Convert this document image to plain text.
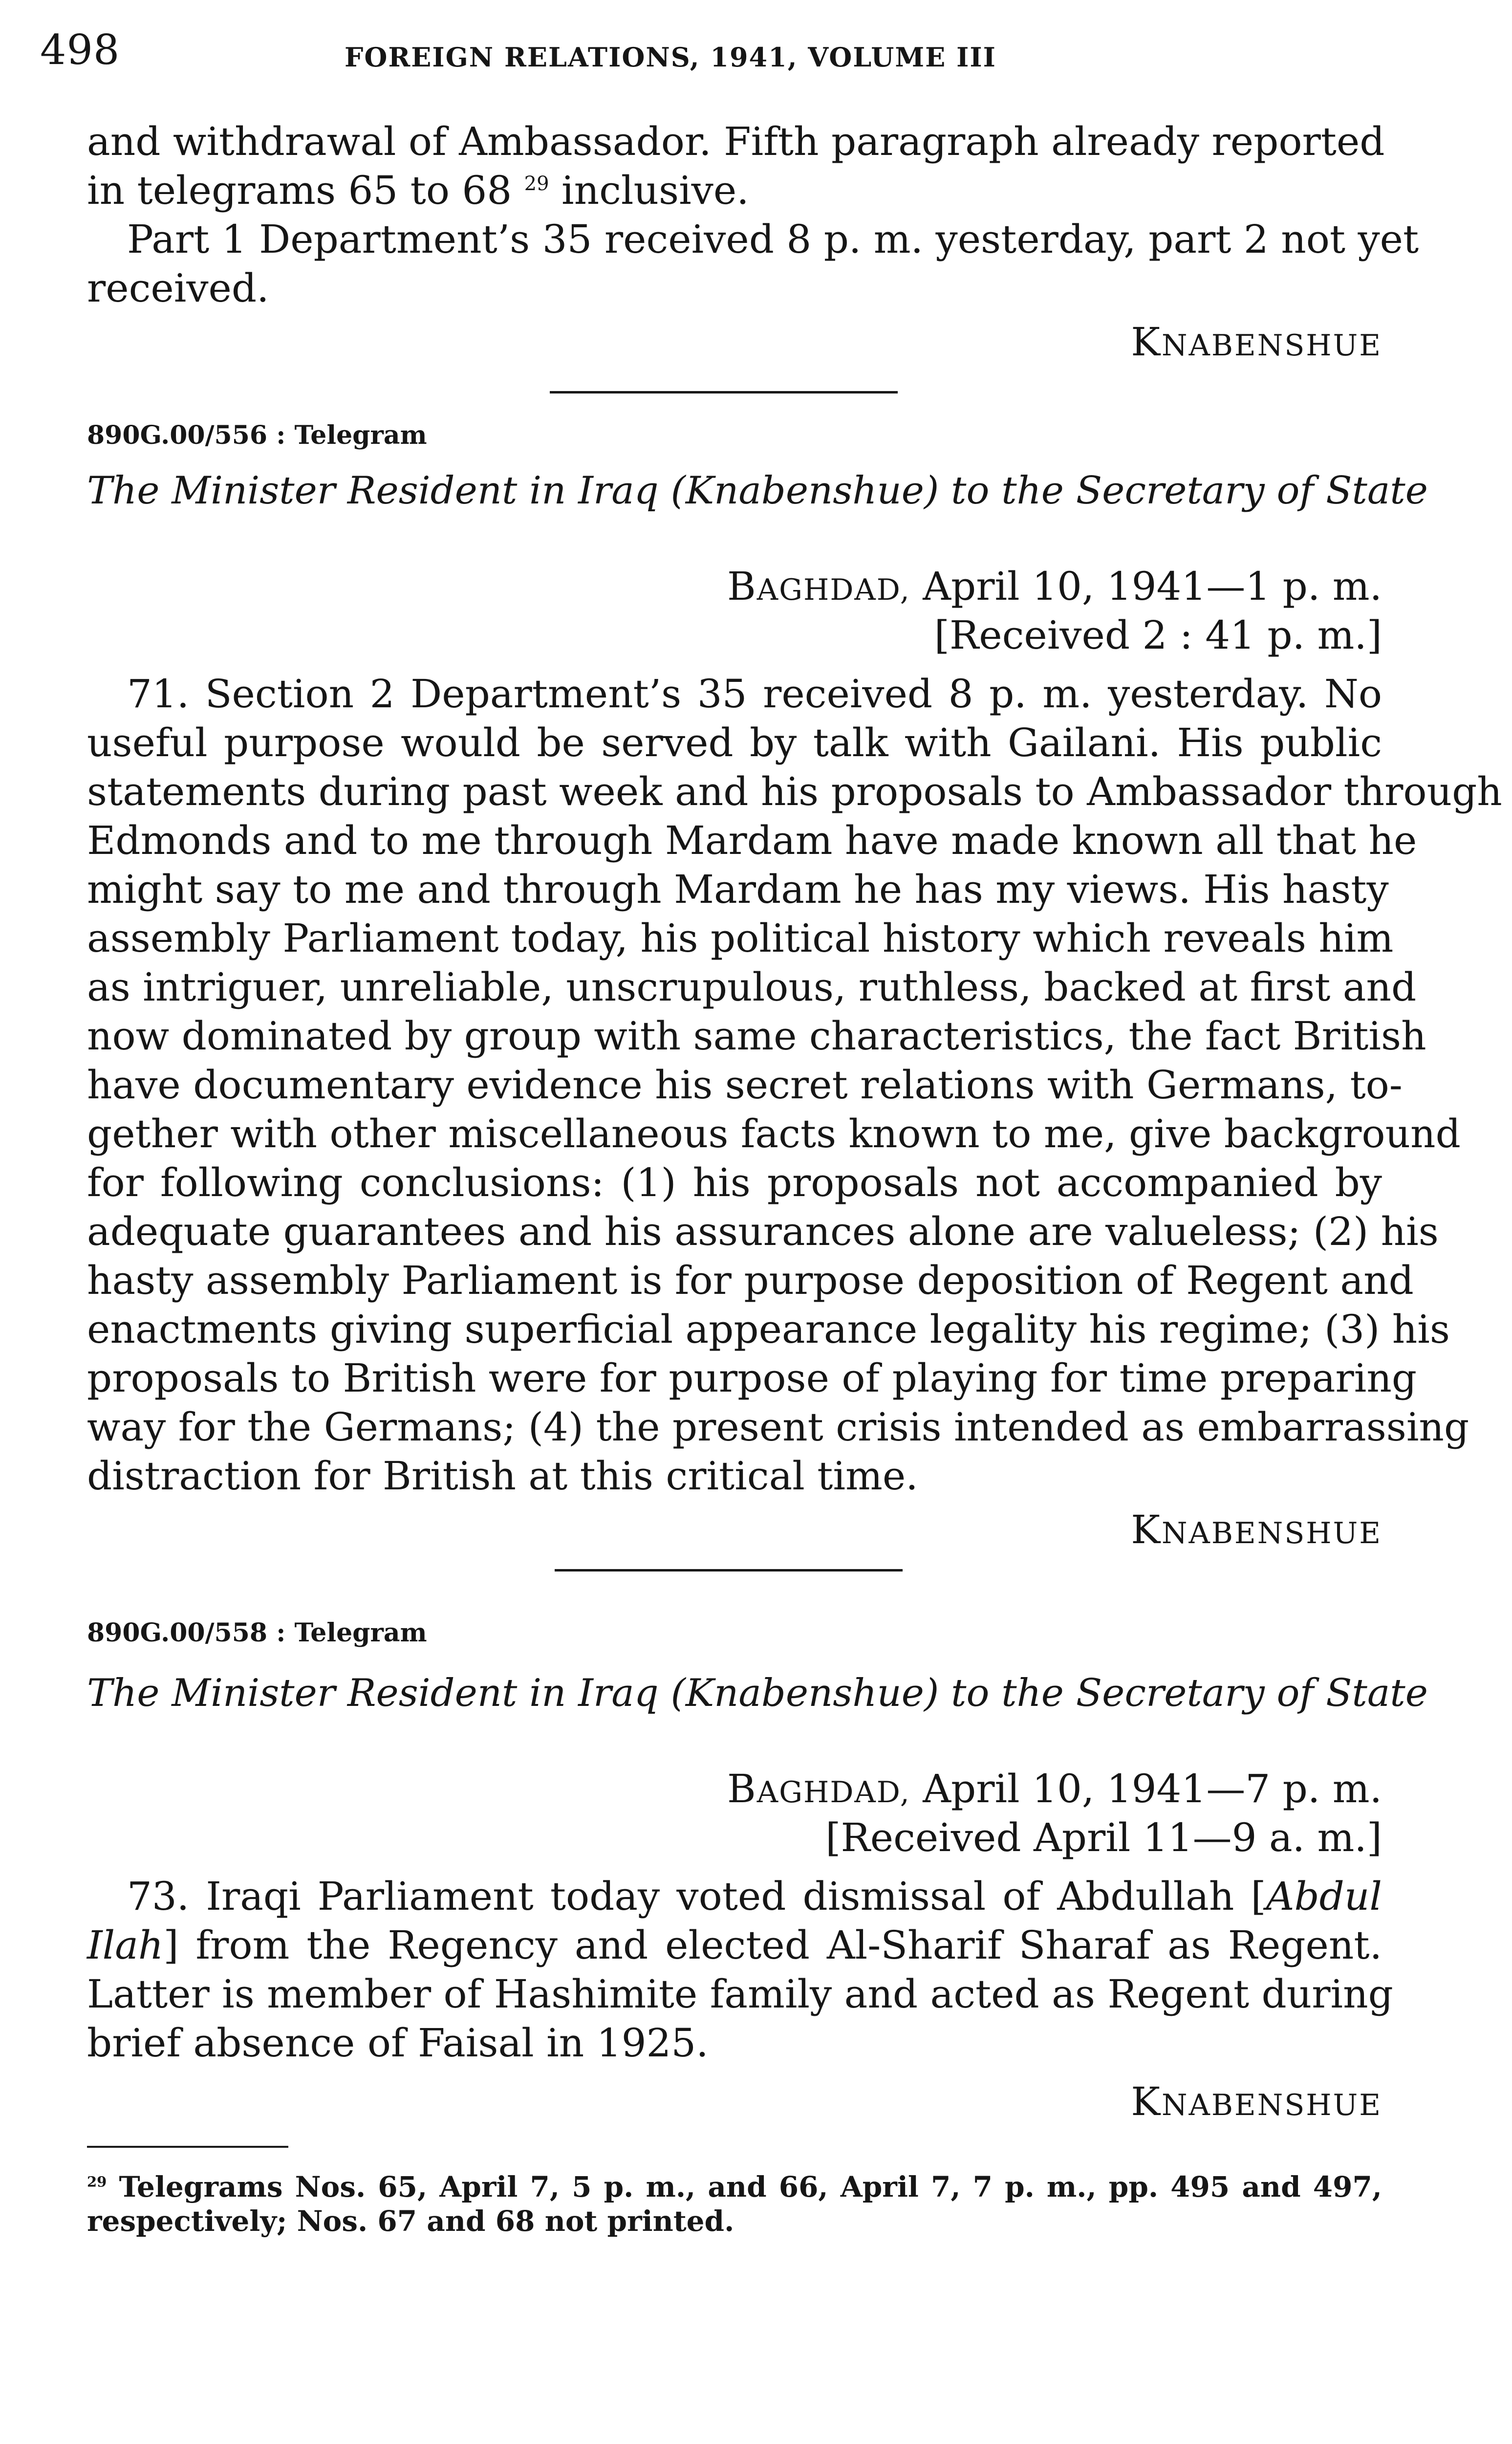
498	FOREIGN RELATIONS, 1941, VOLUME III
and withdrawal of Ambassador. Fifth paragraph already reported
in telegrams 65 to 68 $^{29}$ inclusive.
Part 1 Department’s 35 received 8 p. m. yesterday, part 2 not yet
received.
KNABENSHUE
890G.00/556 : Telegram
The Minister Resident in Iraq (Knabenshue) to the Secretary of State
BAGHDAD, April 10, 1941—1 p. m.
[Received 2 : 41 p. m.]
71. Section 2 Department’s 35 received 8 p. m. yesterday. No
useful purpose would be served by talk with Gailani. His public
statements during past week and his proposals to Ambassador through
Edmonds and to me through Mardam have made known all that he
might say to me and through Mardam he has my views. His hasty
assembly Parliament today, his political history which reveals him
as intriguer, unreliable, unscrupulous, ruthless, backed at first and
now dominated by group with same characteristics, the fact British
have documentary evidence his secret relations with Germans, to-
gether with other miscellaneous facts known to me, give background
for following conclusions: (1) his proposals not accompanied by
adequate guarantees and his assurances alone are valueless; (2) his
hasty assembly Parliament is for purpose deposition of Regent and
enactments giving superficial appearance legality his regime; (3) his
proposals to British were for purpose of playing for time preparing
way for the Germans; (4) the present crisis intended as embarrassing
distraction for British at this critical time.
KNABENSHUE
890G.00/558 : Telegram
The Minister Resident in Iraq (Knabenshue) to the Secretary of State
BAGHDAD, April 10, 1941—7 p. m.
[Received April 11—9 a. m.]
73. Iraqi Parliament today voted dismissal of Abdullah [Abdul
Ilah] from the Regency and elected Al-Sharif Sharaf as Regent.
Latter is member of Hashimite family and acted as Regent during
brief absence of Faisal in 1925.
KNABENSHUE
$^{29}$ Telegrams Nos. 65, April 7, 5 p. m., and 66, April 7, 7 p. m., pp. 495 and 497,
respectively; Nos. 67 and 68 not printed.
